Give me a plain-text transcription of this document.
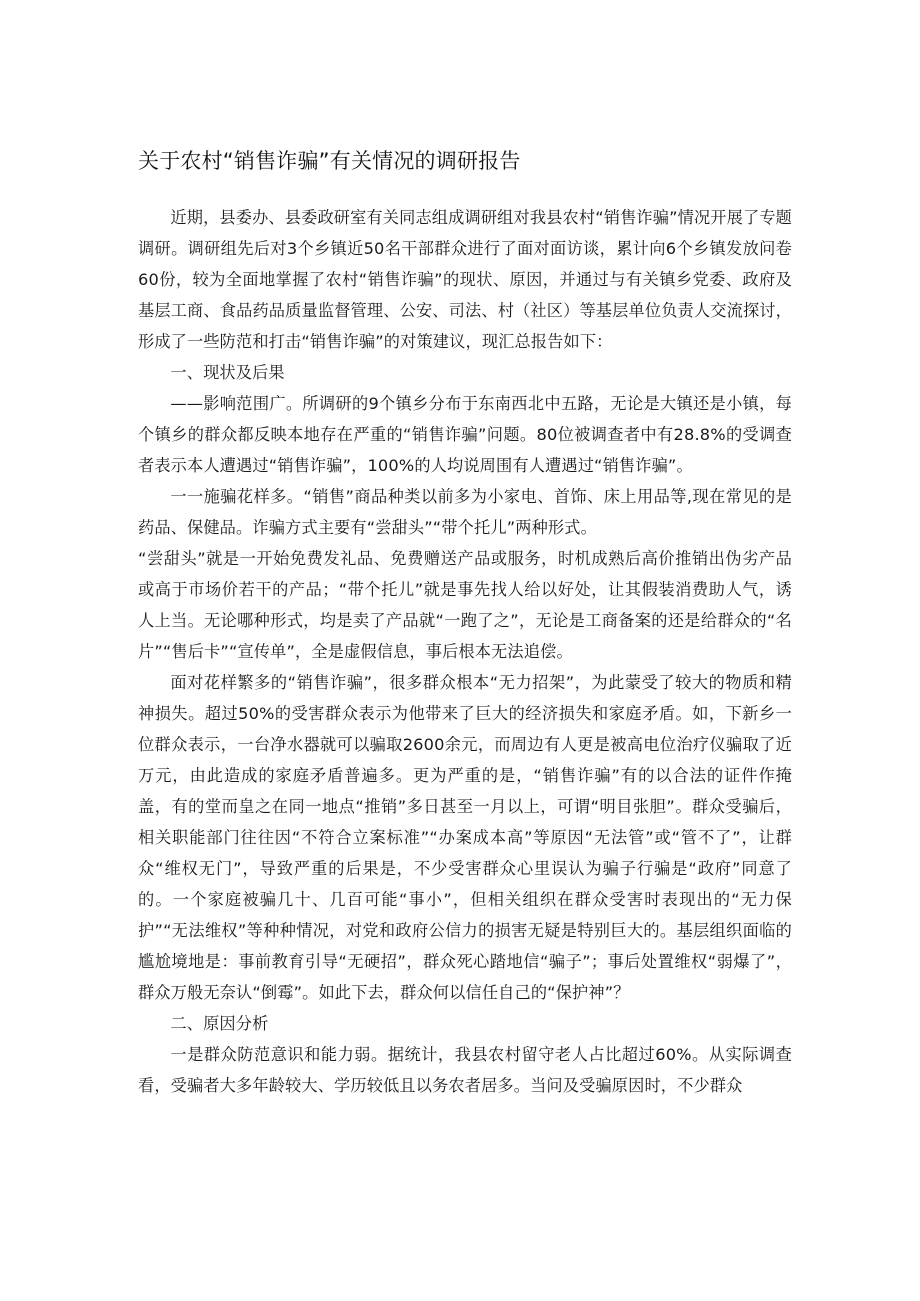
关于农村“销售诈骗”有关情况的调研报告

近期，县委办、县委政研室有关同志组成调研组对我县农村“销售诈骗”情况开展了专题调研。调研组先后对3个乡镇近50名干部群众进行了面对面访谈，累计向6个乡镇发放问卷60份，较为全面地掌握了农村“销售诈骗”的现状、原因，并通过与有关镇乡党委、政府及基层工商、食品药品质量监督管理、公安、司法、村（社区）等基层单位负责人交流探讨，形成了一些防范和打击“销售诈骗”的对策建议，现汇总报告如下：

一、现状及后果

——影响范围广。所调研的9个镇乡分布于东南西北中五路，无论是大镇还是小镇，每个镇乡的群众都反映本地存在严重的“销售诈骗”问题。80位被调查者中有28.8%的受调查者表示本人遭遇过“销售诈骗”，100%的人均说周围有人遭遇过“销售诈骗”。

一一施骗花样多。“销售”商品种类以前多为小家电、首饰、床上用品等,现在常见的是药品、保健品。诈骗方式主要有“尝甜头”“带个托儿”两种形式。

“尝甜头”就是一开始免费发礼品、免费赠送产品或服务，时机成熟后高价推销出伪劣产品或高于市场价若干的产品；“带个托儿”就是事先找人给以好处，让其假装消费助人气，诱人上当。无论哪种形式，均是卖了产品就“一跑了之”，无论是工商备案的还是给群众的“名片”“售后卡”“宣传单”，全是虚假信息，事后根本无法追偿。

面对花样繁多的“销售诈骗”，很多群众根本“无力招架”，为此蒙受了较大的物质和精神损失。超过50%的受害群众表示为他带来了巨大的经济损失和家庭矛盾。如，下新乡一位群众表示，一台净水器就可以骗取2600余元，而周边有人更是被高电位治疗仪骗取了近万元，由此造成的家庭矛盾普遍多。更为严重的是，“销售诈骗”有的以合法的证件作掩盖，有的堂而皇之在同一地点“推销”多日甚至一月以上，可谓“明目张胆”。群众受骗后，相关职能部门往往因“不符合立案标准”“办案成本高”等原因“无法管”或“管不了”，让群众“维权无门”，导致严重的后果是，不少受害群众心里误认为骗子行骗是“政府”同意了的。一个家庭被骗几十、几百可能“事小”，但相关组织在群众受害时表现出的“无力保护”“无法维权”等种种情况，对党和政府公信力的损害无疑是特别巨大的。基层组织面临的尴尬境地是：事前教育引导“无硬招”，群众死心踏地信“骗子”；事后处置维权“弱爆了”，群众万般无奈认“倒霉”。如此下去，群众何以信任自己的“保护神”？

二、原因分析

一是群众防范意识和能力弱。据统计，我县农村留守老人占比超过60%。从实际调查看，受骗者大多年龄较大、学历较低且以务农者居多。当问及受骗原因时，不少群众
